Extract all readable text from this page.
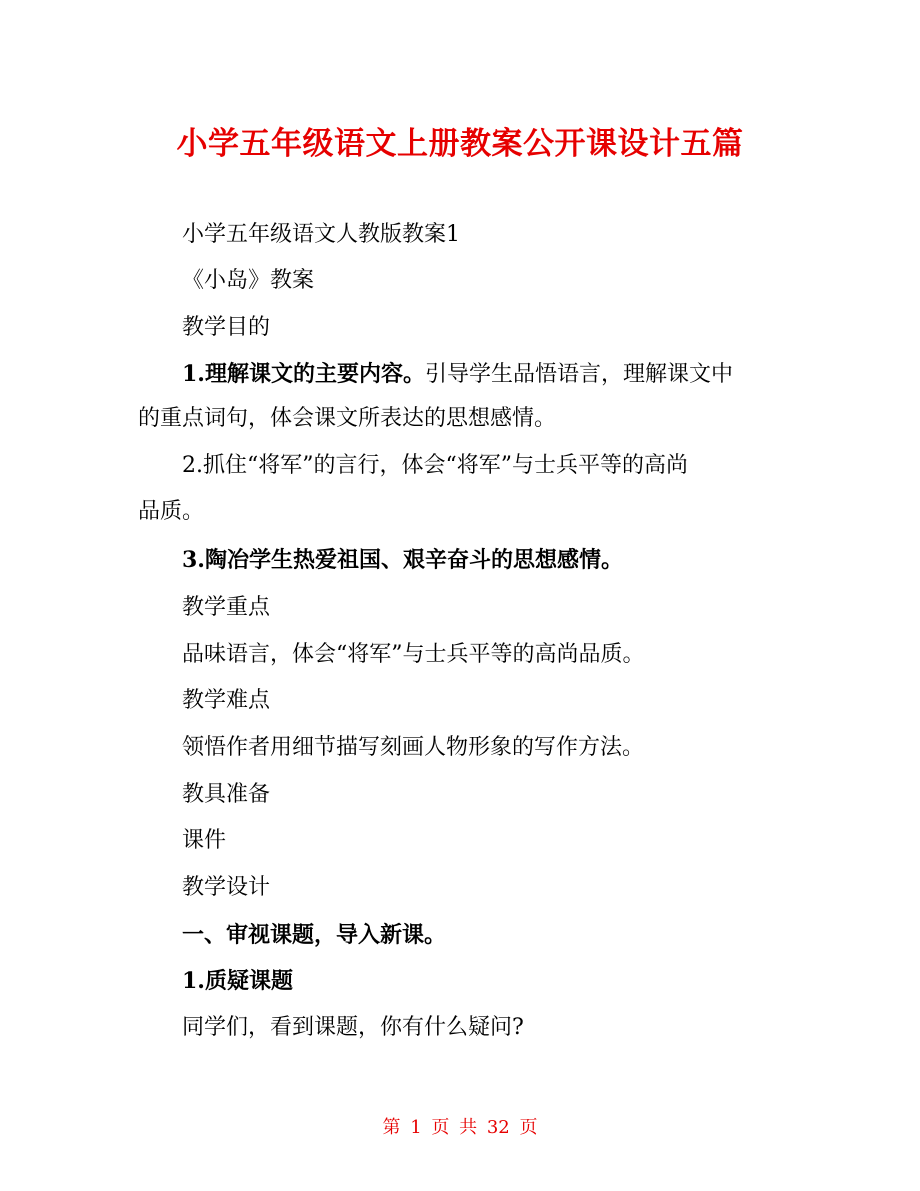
小学五年级语文上册教案公开课设计五篇

小学五年级语文人教版教案1

《小岛》教案

教学目的

1.理解课文的主要内容。引导学生品悟语言，理解课文中

的重点词句，体会课文所表达的思想感情。

2.抓住“将军”的言行，体会“将军”与士兵平等的高尚

品质。

3.陶冶学生热爱祖国、艰辛奋斗的思想感情。

教学重点

品味语言，体会“将军”与士兵平等的高尚品质。

教学难点

领悟作者用细节描写刻画人物形象的写作方法。

教具准备

课件

教学设计

一、审视课题，导入新课。

1.质疑课题

同学们，看到课题，你有什么疑问?

第 1 页 共 32 页
